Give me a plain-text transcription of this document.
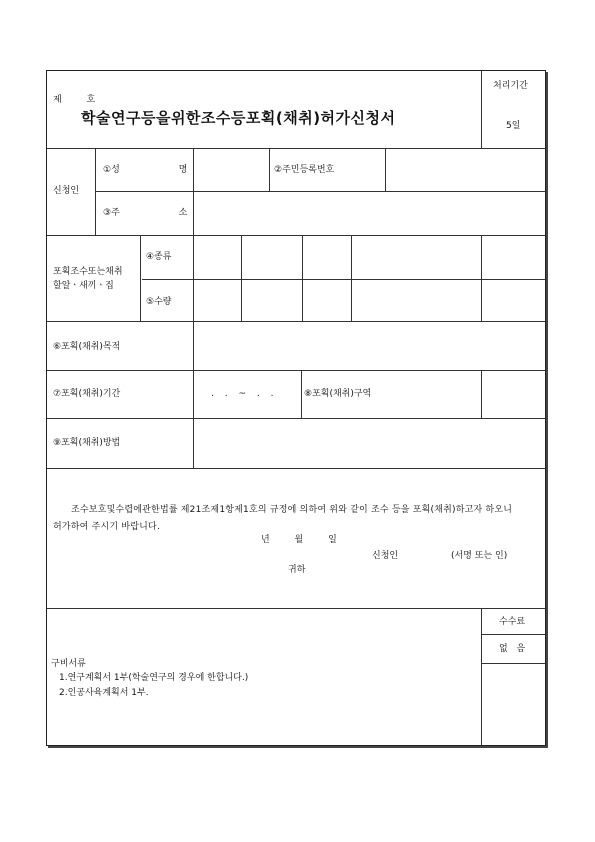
제 호
학술연구등을위한조수등포획(채취)허가신청서
처리기간
5일
신청인
①성 명	②주민등록번호
③주 소
포획조수또는채취
할알ㆍ새끼ㆍ집
④종류
⑤수량
⑥포획(채취)목적
⑦포획(채취)기간	. . ~ . .	⑧포획(채취)구역
⑨포획(채취)방법
조수보호및수렵에관한법률 제21조제1항제1호의 규정에 의하여 위와 같이 조수 등을 포획(채취)하고자 하오니 허가하여 주시기 바랍니다.
년 월 일
신청인	(서명 또는 인)
귀하
수수료
없 음
구비서류
1.연구계획서 1부(학술연구의 경우에 한합니다.)
2.인공사육계획서 1부.
